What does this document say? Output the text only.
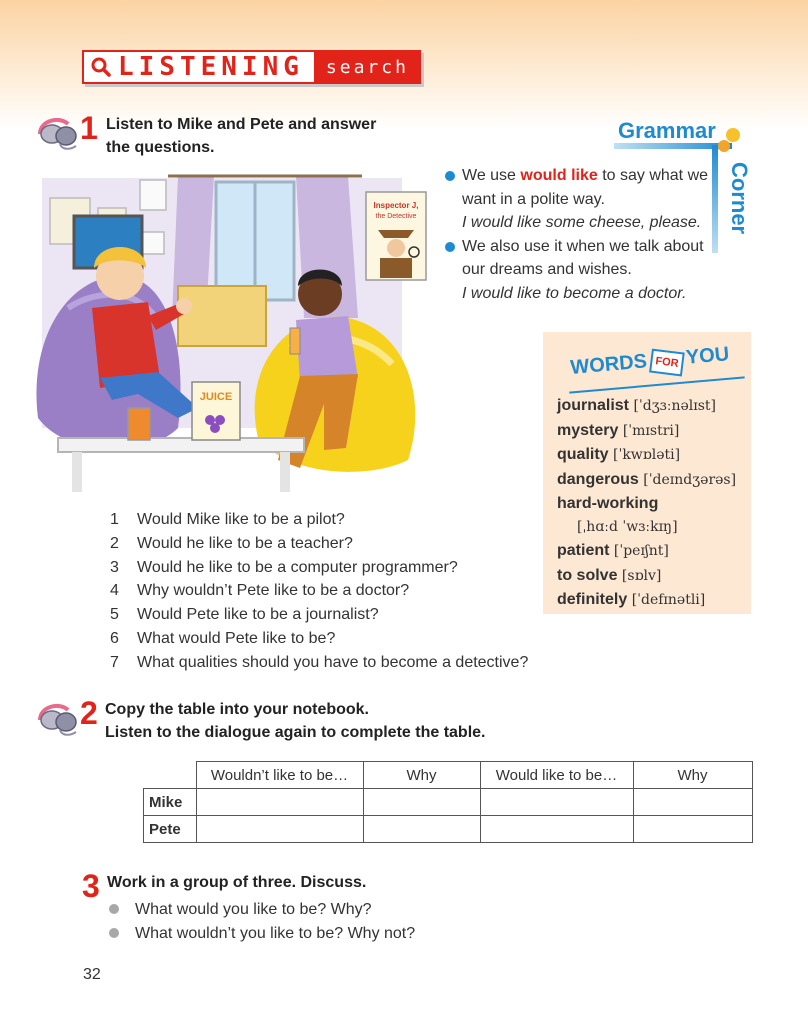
LISTENING	search
1 Listen to Mike and Pete and answer
the questions.
Inspector J,
the Detective
JUICE
Grammar
Corner
We use would like to say what we want in a polite way.
I would like some cheese, please.
We also use it when we talk about our dreams and wishes.
I would like to become a doctor.
WORDS FOR YOU
journalist [ˈdʒɜːnəlɪst]
mystery [ˈmɪstri]
quality [ˈkwɒləti]
dangerous [ˈdeɪndʒərəs]
hard-working
[ˌhɑːd ˈwɜːkɪŋ]
patient [ˈpeɪʃnt]
to solve [sɒlv]
definitely [ˈdefɪnətli]
1	Would Mike like to be a pilot?
2	Would he like to be a teacher?
3	Would he like to be a computer programmer?
4	Why wouldn’t Pete like to be a doctor?
5	Would Pete like to be a journalist?
6	What would Pete like to be?
7	What qualities should you have to become a detective?
2 Copy the table into your notebook.
Listen to the dialogue again to complete the table.
	Wouldn’t like to be…	Why	Would like to be…	Why
Mike				
Pete				
3 Work in a group of three. Discuss.
What would you like to be? Why?
What wouldn’t you like to be? Why not?
32
